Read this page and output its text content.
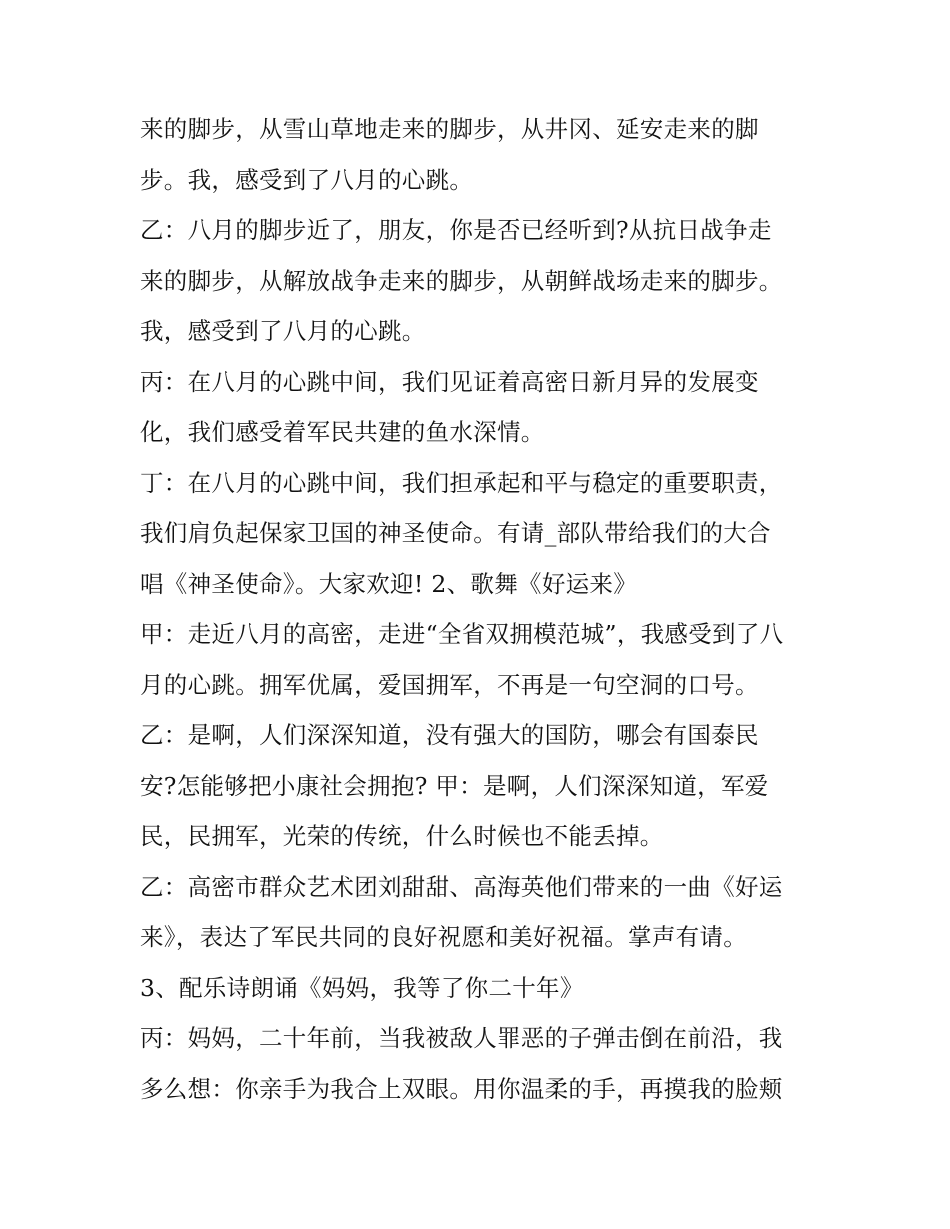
来的脚步，从雪山草地走来的脚步，从井冈、延安走来的脚
步。我，感受到了八月的心跳。
乙：八月的脚步近了，朋友，你是否已经听到?从抗日战争走
来的脚步，从解放战争走来的脚步，从朝鲜战场走来的脚步。
我，感受到了八月的心跳。
丙：在八月的心跳中间，我们见证着高密日新月异的发展变
化，我们感受着军民共建的鱼水深情。
丁：在八月的心跳中间，我们担承起和平与稳定的重要职责，
我们肩负起保家卫国的神圣使命。有请_部队带给我们的大合
唱《神圣使命》。大家欢迎! 2、歌舞《好运来》
甲：走近八月的高密，走进“全省双拥模范城”，我感受到了八
月的心跳。拥军优属，爱国拥军，不再是一句空洞的口号。
乙：是啊，人们深深知道，没有强大的国防，哪会有国泰民
安?怎能够把小康社会拥抱? 甲：是啊，人们深深知道，军爱
民，民拥军，光荣的传统，什么时候也不能丢掉。
乙：高密市群众艺术团刘甜甜、高海英他们带来的一曲《好运
来》，表达了军民共同的良好祝愿和美好祝福。掌声有请。
3、配乐诗朗诵《妈妈，我等了你二十年》
丙：妈妈，二十年前，当我被敌人罪恶的子弹击倒在前沿，我
多么想：你亲手为我合上双眼。用你温柔的手，再摸我的脸颊
